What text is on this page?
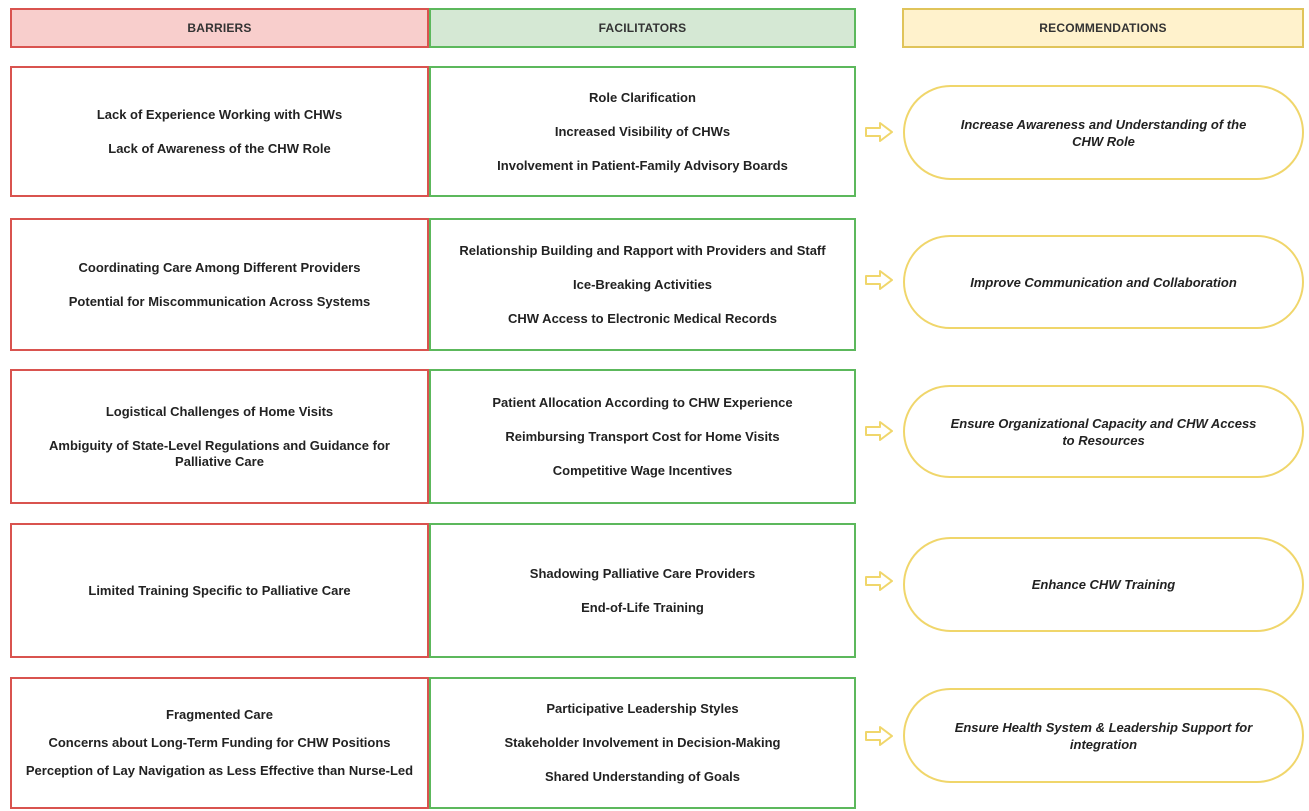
BARRIERS	FACILITATORS	RECOMMENDATIONS
Lack of Experience Working with CHWs
Lack of Awareness of the CHW Role
Role Clarification
Increased Visibility of CHWs
Involvement in Patient-Family Advisory Boards
Increase Awareness and Understanding of the CHW Role
Coordinating Care Among Different Providers
Potential for Miscommunication Across Systems
Relationship Building and Rapport with Providers and Staff
Ice-Breaking Activities
CHW Access to Electronic Medical Records
Improve Communication and Collaboration
Logistical Challenges of Home Visits
Ambiguity of State-Level Regulations and Guidance for Palliative Care
Patient Allocation According to CHW Experience
Reimbursing Transport Cost for Home Visits
Competitive Wage Incentives
Ensure Organizational Capacity and CHW Access to Resources
Limited Training Specific to Palliative Care
Shadowing Palliative Care Providers
End-of-Life Training
Enhance CHW Training
Fragmented Care
Concerns about Long-Term Funding for CHW Positions
Perception of Lay Navigation as Less Effective than Nurse-Led
Participative Leadership Styles
Stakeholder Involvement in Decision-Making
Shared Understanding of Goals
Ensure Health System & Leadership Support for integration
